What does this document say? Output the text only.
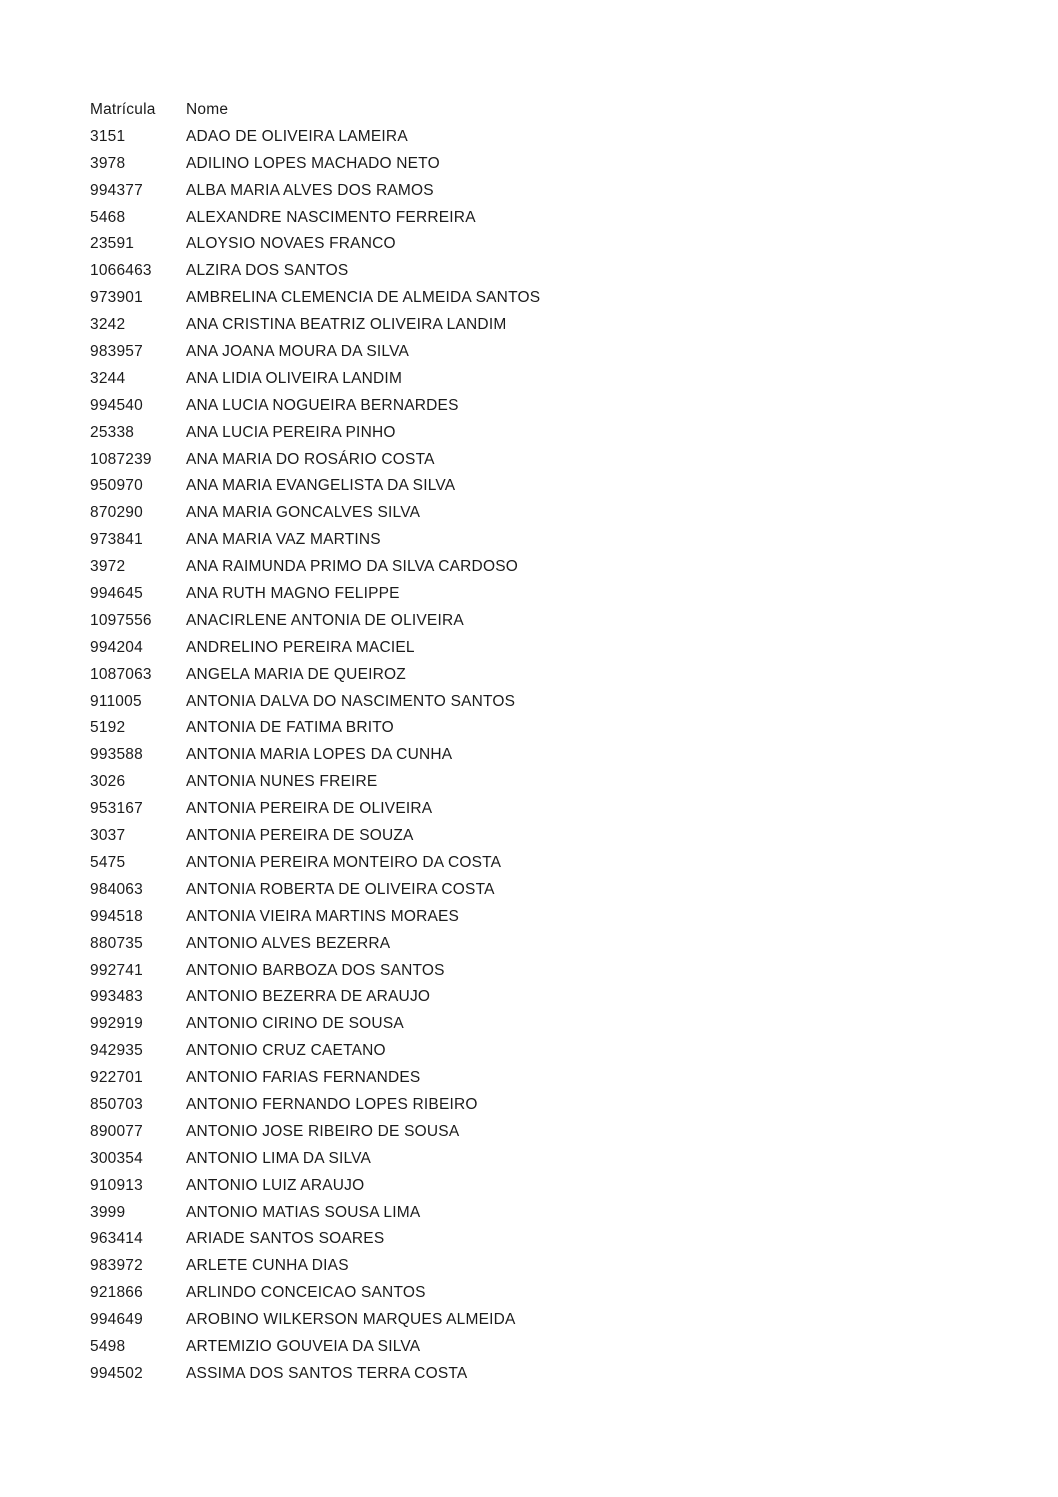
Matrícula	Nome
3151	ADAO DE OLIVEIRA LAMEIRA
3978	ADILINO LOPES MACHADO NETO
994377	ALBA MARIA ALVES DOS RAMOS
5468	ALEXANDRE NASCIMENTO FERREIRA
23591	ALOYSIO NOVAES FRANCO
1066463	ALZIRA DOS SANTOS
973901	AMBRELINA CLEMENCIA DE ALMEIDA SANTOS
3242	ANA CRISTINA BEATRIZ OLIVEIRA LANDIM
983957	ANA JOANA MOURA DA SILVA
3244	ANA LIDIA OLIVEIRA LANDIM
994540	ANA LUCIA NOGUEIRA BERNARDES
25338	ANA LUCIA PEREIRA PINHO
1087239	ANA MARIA DO ROSÁRIO COSTA
950970	ANA MARIA EVANGELISTA DA SILVA
870290	ANA MARIA GONCALVES SILVA
973841	ANA MARIA VAZ MARTINS
3972	ANA RAIMUNDA PRIMO DA SILVA CARDOSO
994645	ANA RUTH MAGNO FELIPPE
1097556	ANACIRLENE ANTONIA DE OLIVEIRA
994204	ANDRELINO PEREIRA MACIEL
1087063	ANGELA MARIA DE QUEIROZ
911005	ANTONIA DALVA DO NASCIMENTO SANTOS
5192	ANTONIA DE FATIMA BRITO
993588	ANTONIA MARIA LOPES DA CUNHA
3026	ANTONIA NUNES FREIRE
953167	ANTONIA PEREIRA DE OLIVEIRA
3037	ANTONIA PEREIRA DE SOUZA
5475	ANTONIA PEREIRA MONTEIRO DA COSTA
984063	ANTONIA ROBERTA DE OLIVEIRA COSTA
994518	ANTONIA VIEIRA MARTINS MORAES
880735	ANTONIO ALVES BEZERRA
992741	ANTONIO BARBOZA DOS SANTOS
993483	ANTONIO BEZERRA DE ARAUJO
992919	ANTONIO CIRINO DE SOUSA
942935	ANTONIO CRUZ CAETANO
922701	ANTONIO FARIAS FERNANDES
850703	ANTONIO FERNANDO LOPES RIBEIRO
890077	ANTONIO JOSE RIBEIRO DE SOUSA
300354	ANTONIO LIMA DA SILVA
910913	ANTONIO LUIZ ARAUJO
3999	ANTONIO MATIAS SOUSA LIMA
963414	ARIADE SANTOS SOARES
983972	ARLETE CUNHA DIAS
921866	ARLINDO CONCEICAO SANTOS
994649	AROBINO WILKERSON MARQUES ALMEIDA
5498	ARTEMIZIO GOUVEIA DA SILVA
994502	ASSIMA DOS SANTOS TERRA COSTA
